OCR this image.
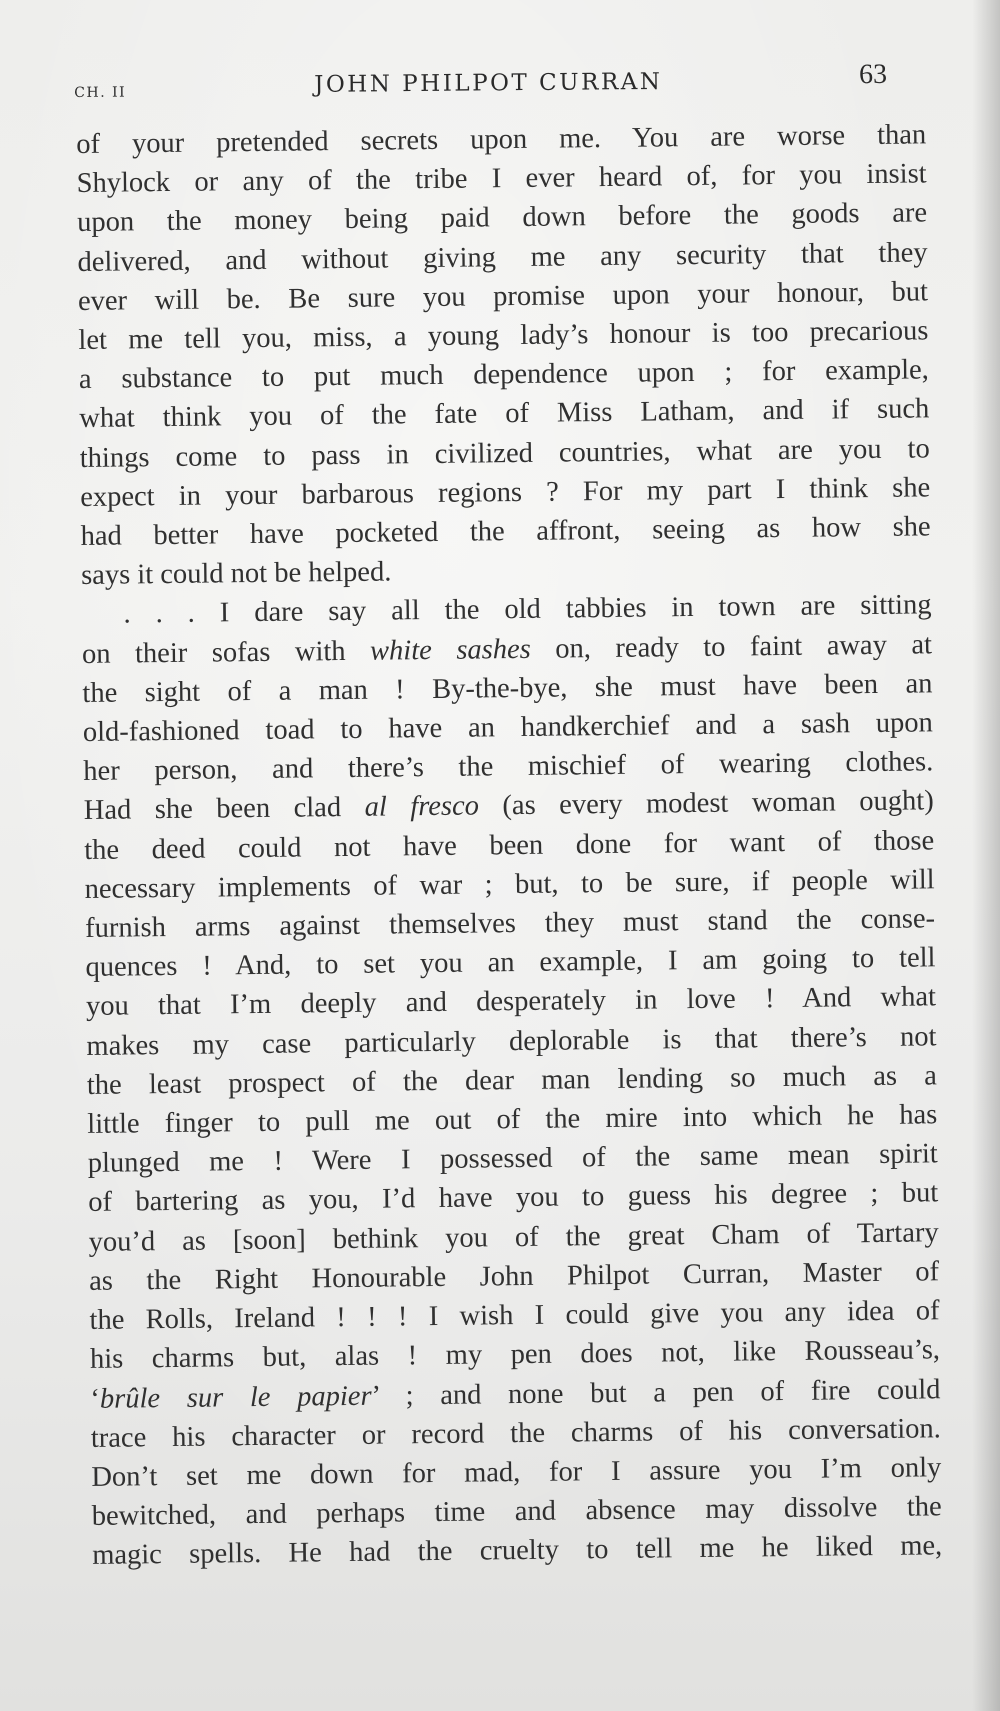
CH. II	JOHN PHILPOT CURRAN	63
of your pretended secrets upon me. You are worse than
Shylock or any of the tribe I ever heard of, for you insist
upon the money being paid down before the goods are
delivered, and without giving me any security that they
ever will be. Be sure you promise upon your honour, but
let me tell you, miss, a young lady’s honour is too precarious
a substance to put much dependence upon ; for example,
what think you of the fate of Miss Latham, and if such
things come to pass in civilized countries, what are you to
expect in your barbarous regions ? For my part I think she
had better have pocketed the affront, seeing as how she
says it could not be helped.
. . . I dare say all the old tabbies in town are sitting
on their sofas with white sashes on, ready to faint away at
the sight of a man ! By-the-bye, she must have been an
old-fashioned toad to have an handkerchief and a sash upon
her person, and there’s the mischief of wearing clothes.
Had she been clad al fresco (as every modest woman ought)
the deed could not have been done for want of those
necessary implements of war ; but, to be sure, if people will
furnish arms against themselves they must stand the conse-
quences ! And, to set you an example, I am going to tell
you that I’m deeply and desperately in love ! And what
makes my case particularly deplorable is that there’s not
the least prospect of the dear man lending so much as a
little finger to pull me out of the mire into which he has
plunged me ! Were I possessed of the same mean spirit
of bartering as you, I’d have you to guess his degree ; but
you’d as [soon] bethink you of the great Cham of Tartary
as the Right Honourable John Philpot Curran, Master of
the Rolls, Ireland ! ! ! I wish I could give you any idea of
his charms but, alas ! my pen does not, like Rousseau’s,
‘brûle sur le papier’ ; and none but a pen of fire could
trace his character or record the charms of his conversation.
Don’t set me down for mad, for I assure you I’m only
bewitched, and perhaps time and absence may dissolve the
magic spells. He had the cruelty to tell me he liked me,
